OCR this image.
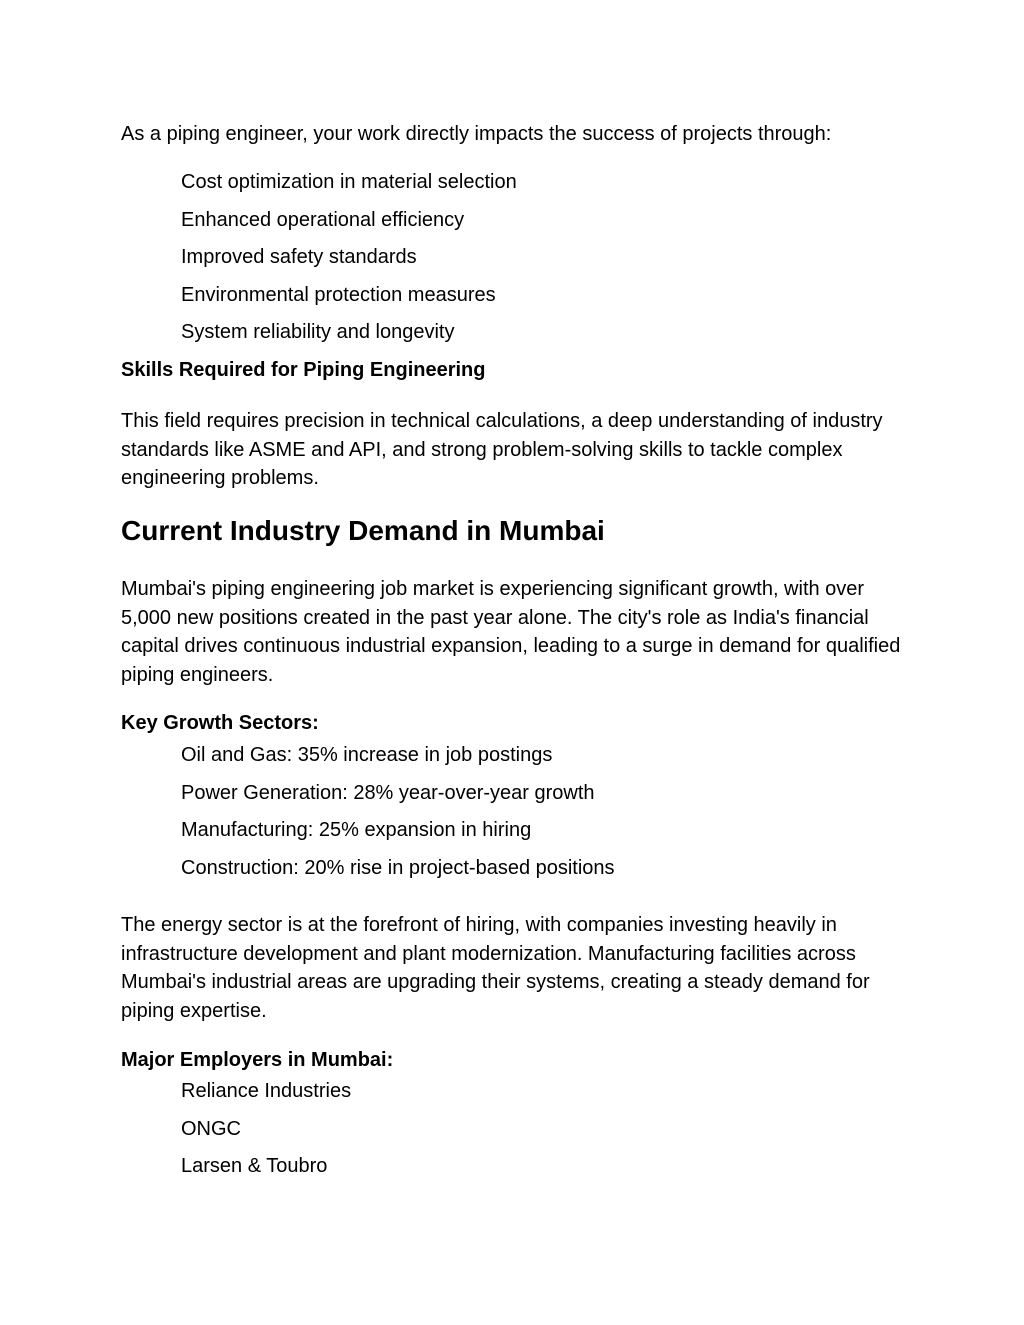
As a piping engineer, your work directly impacts the success of projects through:

Cost optimization in material selection
Enhanced operational efficiency
Improved safety standards
Environmental protection measures
System reliability and longevity
Skills Required for Piping Engineering

This field requires precision in technical calculations, a deep understanding of industry standards like ASME and API, and strong problem-solving skills to tackle complex engineering problems.

Current Industry Demand in Mumbai

Mumbai's piping engineering job market is experiencing significant growth, with over 5,000 new positions created in the past year alone. The city's role as India's financial capital drives continuous industrial expansion, leading to a surge in demand for qualified piping engineers.

Key Growth Sectors:
Oil and Gas: 35% increase in job postings
Power Generation: 28% year-over-year growth
Manufacturing: 25% expansion in hiring
Construction: 20% rise in project-based positions

The energy sector is at the forefront of hiring, with companies investing heavily in infrastructure development and plant modernization. Manufacturing facilities across Mumbai's industrial areas are upgrading their systems, creating a steady demand for piping expertise.

Major Employers in Mumbai:
Reliance Industries
ONGC
Larsen & Toubro
